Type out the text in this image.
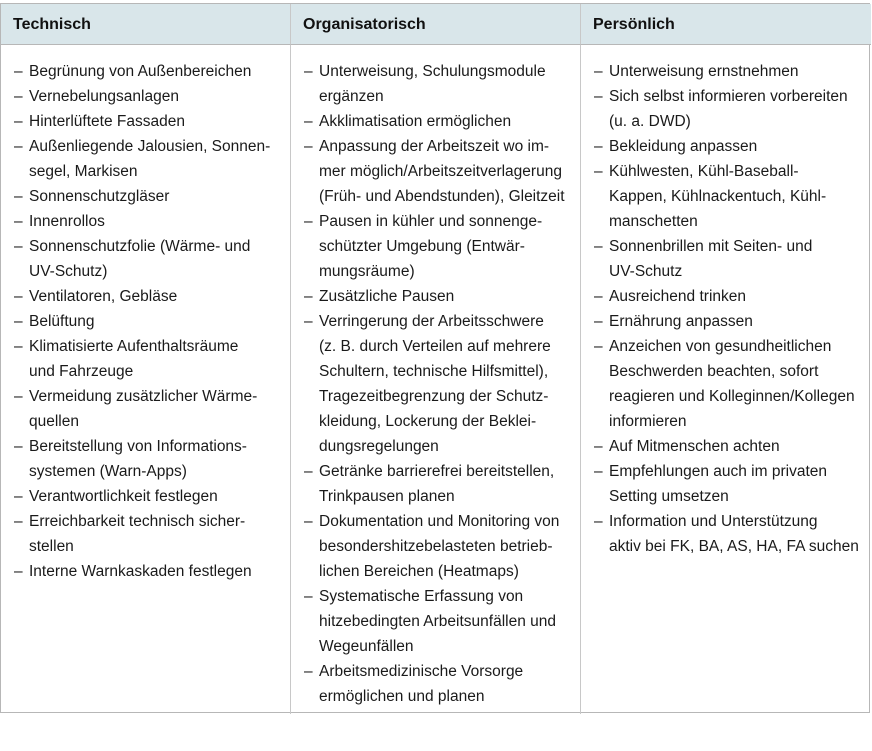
Technisch	Organisatorisch	Persönlich
– Begrünung von Außenbereichen
– Vernebelungsanlagen
– Hinterlüftete Fassaden
– Außenliegende Jalousien, Sonnen-
segel, Markisen
– Sonnenschutzgläser
– Innenrollos
– Sonnenschutzfolie (Wärme- und
UV-Schutz)
– Ventilatoren, Gebläse
– Belüftung
– Klimatisierte Aufenthaltsräume
und Fahrzeuge
– Vermeidung zusätzlicher Wärme-
quellen
– Bereitstellung von Informations-
systemen (Warn-Apps)
– Verantwortlichkeit festlegen
– Erreichbarkeit technisch sicher-
stellen
– Interne Warnkaskaden festlegen
– Unterweisung, Schulungsmodule
ergänzen
– Akklimatisation ermöglichen
– Anpassung der Arbeitszeit wo im-
mer möglich/Arbeitszeitverlagerung
(Früh- und Abendstunden), Gleitzeit
– Pausen in kühler und sonnenge-
schützter Umgebung (Entwär-
mungsräume)
– Zusätzliche Pausen
– Verringerung der Arbeitsschwere
(z. B. durch Verteilen auf mehrere
Schultern, technische Hilfsmittel),
Tragezeitbegrenzung der Schutz-
kleidung, Lockerung der Beklei-
dungsregelungen
– Getränke barrierefrei bereitstellen,
Trinkpausen planen
– Dokumentation und Monitoring von
besondershitzebelasteten betrieb-
lichen Bereichen (Heatmaps)
– Systematische Erfassung von
hitzebedingten Arbeitsunfällen und
Wegeunfällen
– Arbeitsmedizinische Vorsorge
ermöglichen und planen
– Unterweisung ernstnehmen
– Sich selbst informieren vorbereiten
(u. a. DWD)
– Bekleidung anpassen
– Kühlwesten, Kühl-Baseball-
Kappen, Kühlnackentuch, Kühl-
manschetten
– Sonnenbrillen mit Seiten- und
UV-Schutz
– Ausreichend trinken
– Ernährung anpassen
– Anzeichen von gesundheitlichen
Beschwerden beachten, sofort
reagieren und Kolleginnen/Kollegen
informieren
– Auf Mitmenschen achten
– Empfehlungen auch im privaten
Setting umsetzen
– Information und Unterstützung
aktiv bei FK, BA, AS, HA, FA suchen
